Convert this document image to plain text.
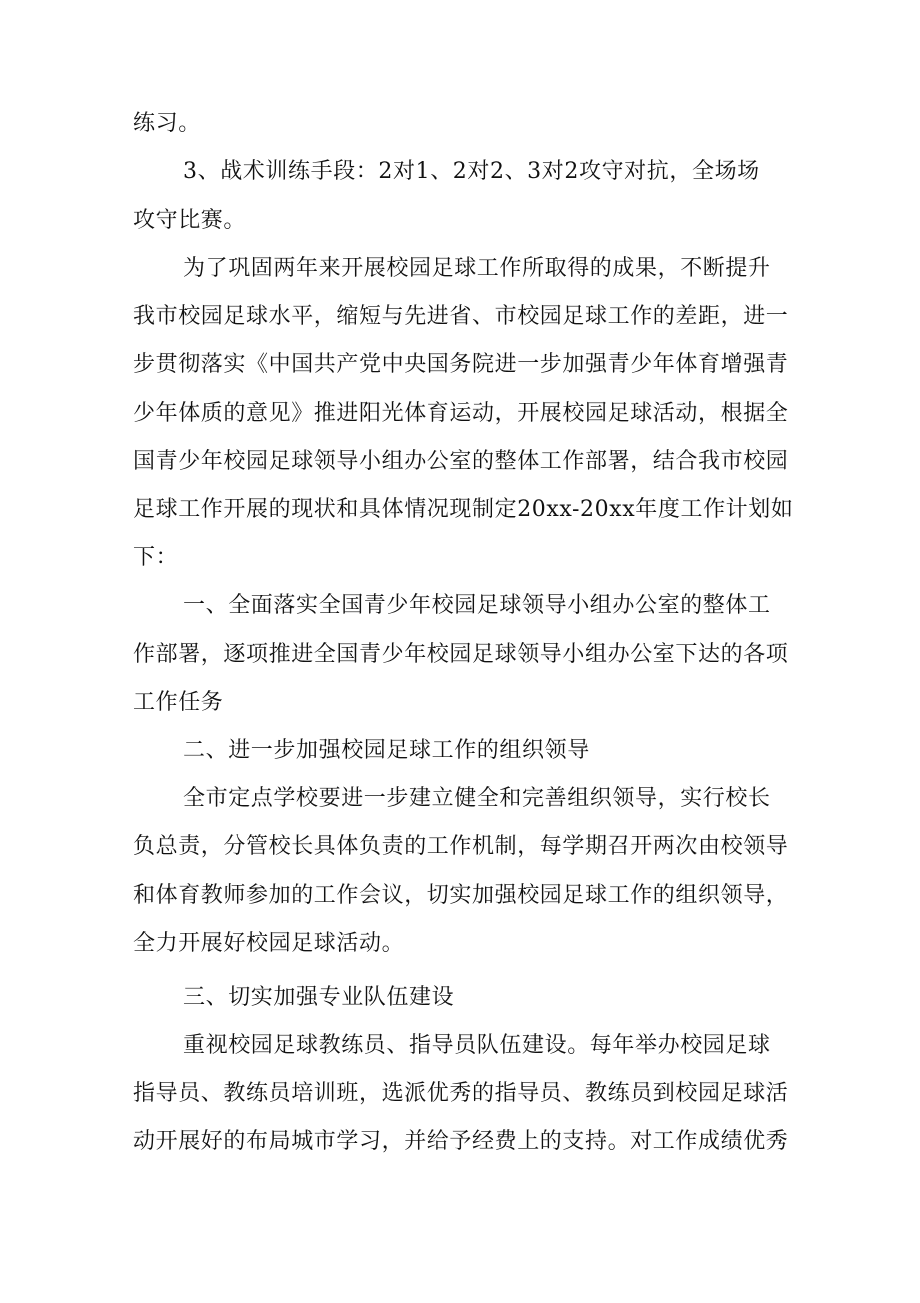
练习。
3、战术训练手段：2对1、2对2、3对2攻守对抗，全场场
攻守比赛。
为了巩固两年来开展校园足球工作所取得的成果，不断提升
我市校园足球水平，缩短与先进省、市校园足球工作的差距，进一
步贯彻落实《中国共产党中央国务院进一步加强青少年体育增强青
少年体质的意见》推进阳光体育运动，开展校园足球活动，根据全
国青少年校园足球领导小组办公室的整体工作部署，结合我市校园
足球工作开展的现状和具体情况现制定20xx-20xx年度工作计划如
下：
一、全面落实全国青少年校园足球领导小组办公室的整体工
作部署，逐项推进全国青少年校园足球领导小组办公室下达的各项
工作任务
二、进一步加强校园足球工作的组织领导
全市定点学校要进一步建立健全和完善组织领导，实行校长
负总责，分管校长具体负责的工作机制，每学期召开两次由校领导
和体育教师参加的工作会议，切实加强校园足球工作的组织领导，
全力开展好校园足球活动。
三、切实加强专业队伍建设
重视校园足球教练员、指导员队伍建设。每年举办校园足球
指导员、教练员培训班，选派优秀的指导员、教练员到校园足球活
动开展好的布局城市学习，并给予经费上的支持。对工作成绩优秀
